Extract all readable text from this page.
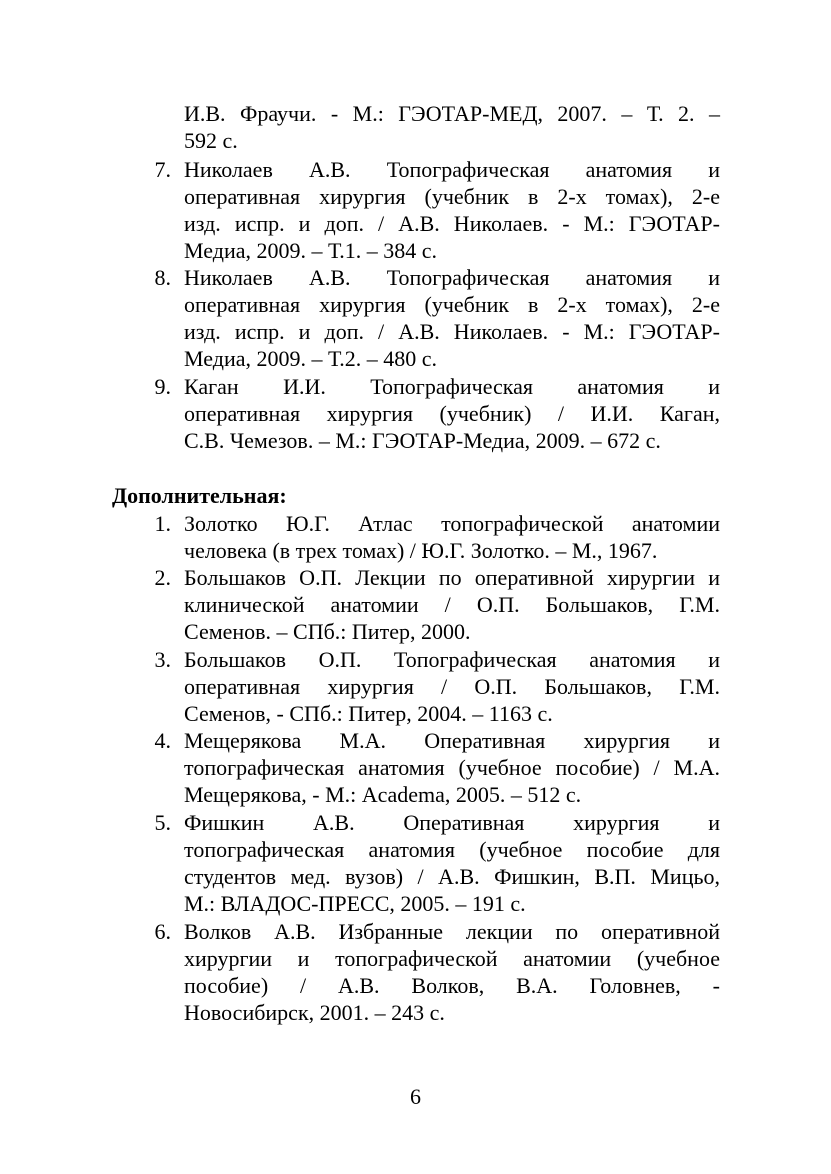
И.В. Фраучи. - М.: ГЭОТАР-МЕД, 2007. – Т. 2. –
592 с.
7. Николаев А.В. Топографическая анатомия и
оперативная хирургия (учебник в 2-х томах), 2-е
изд. испр. и доп. / А.В. Николаев. - М.: ГЭОТАР-
Медиа, 2009. – Т.1. – 384 с.
8. Николаев А.В. Топографическая анатомия и
оперативная хирургия (учебник в 2-х томах), 2-е
изд. испр. и доп. / А.В. Николаев. - М.: ГЭОТАР-
Медиа, 2009. – Т.2. – 480 с.
9. Каган И.И. Топографическая анатомия и
оперативная хирургия (учебник) / И.И. Каган,
С.В. Чемезов. – М.: ГЭОТАР-Медиа, 2009. – 672 с.
Дополнительная:
1. Золотко Ю.Г. Атлас топографической анатомии
человека (в трех томах) / Ю.Г. Золотко. – М., 1967.
2. Большаков О.П. Лекции по оперативной хирургии и
клинической анатомии / О.П. Большаков, Г.М.
Семенов. – СПб.: Питер, 2000.
3. Большаков О.П. Топографическая анатомия и
оперативная хирургия / О.П. Большаков, Г.М.
Семенов, - СПб.: Питер, 2004. – 1163 с.
4. Мещерякова М.А. Оперативная хирургия и
топографическая анатомия (учебное пособие) / М.А.
Мещерякова, - М.: Academa, 2005. – 512 с.
5. Фишкин А.В. Оперативная хирургия и
топографическая анатомия (учебное пособие для
студентов мед. вузов) / А.В. Фишкин, В.П. Мицьо,
М.: ВЛАДОС-ПРЕСС, 2005. – 191 с.
6. Волков А.В. Избранные лекции по оперативной
хирургии и топографической анатомии (учебное
пособие) / А.В. Волков, В.А. Головнев, -
Новосибирск, 2001. – 243 с.
6
